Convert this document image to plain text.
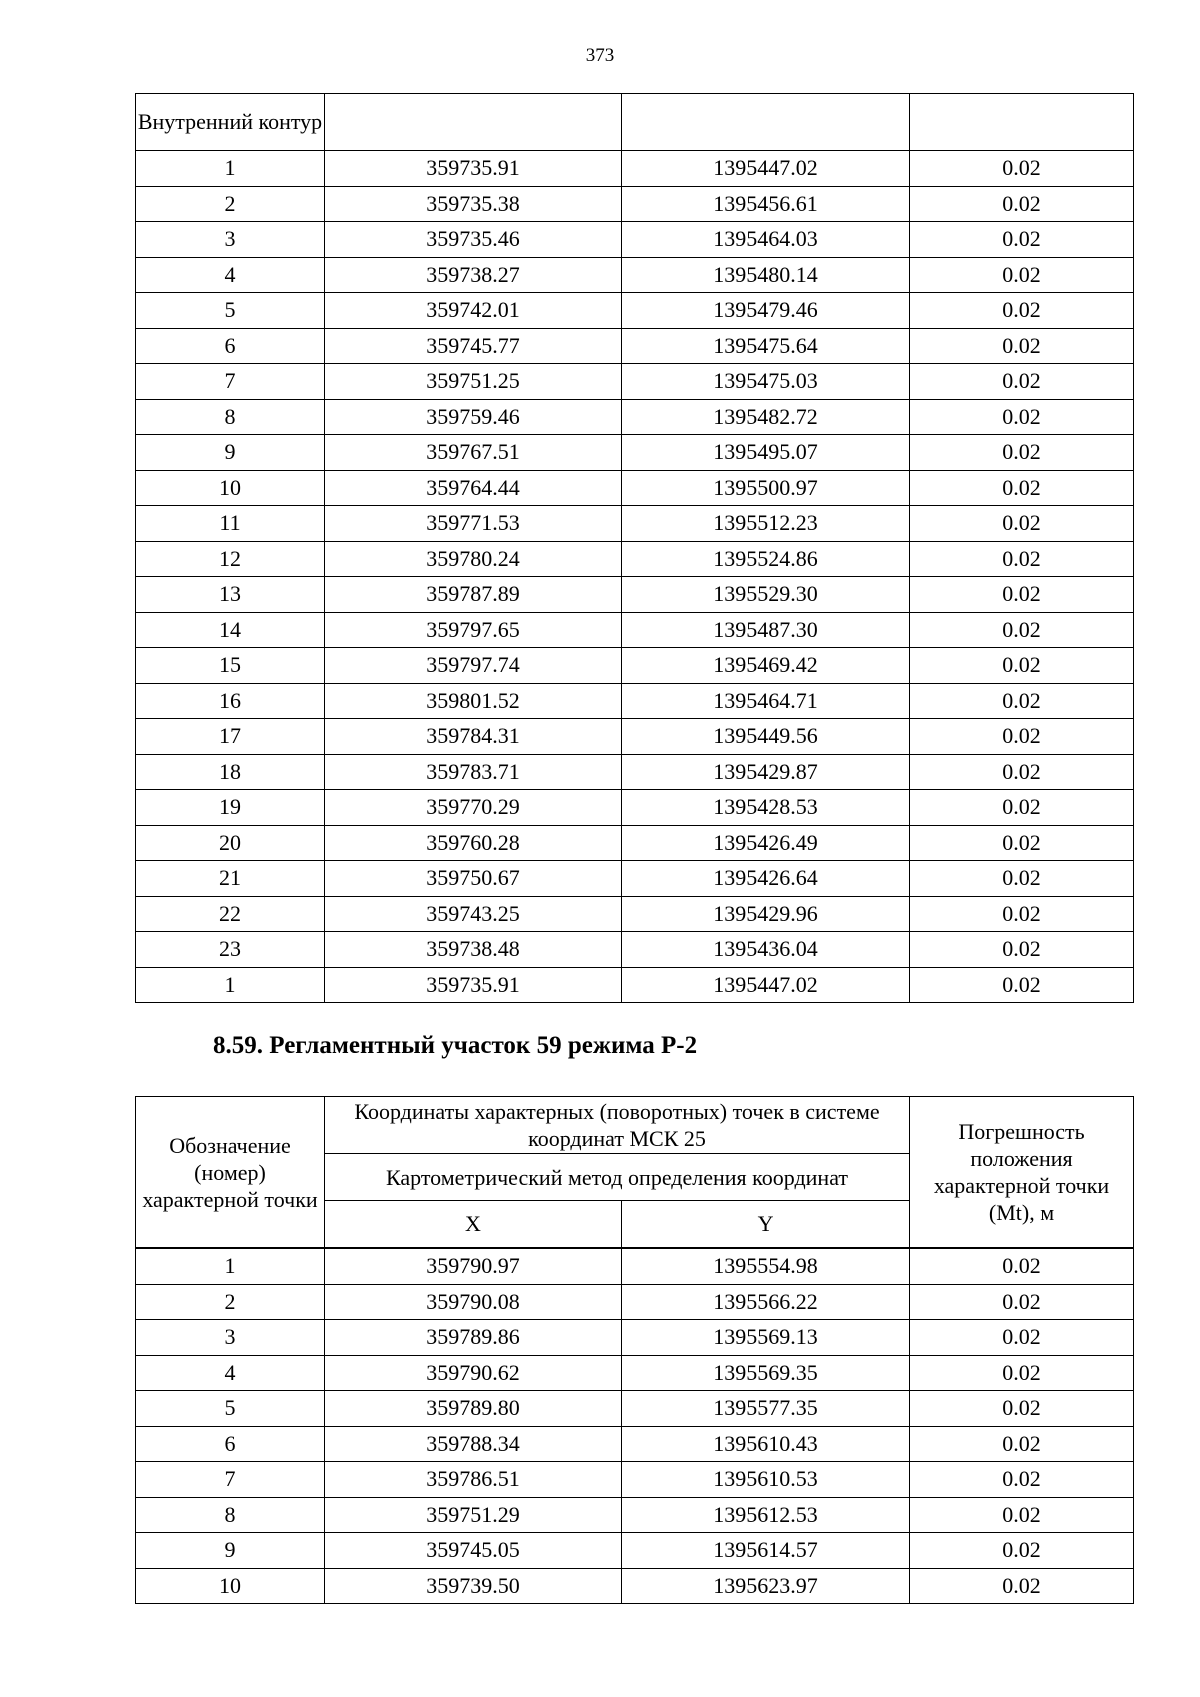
373
Внутренний контур			
1	359735.91	1395447.02	0.02
2	359735.38	1395456.61	0.02
3	359735.46	1395464.03	0.02
4	359738.27	1395480.14	0.02
5	359742.01	1395479.46	0.02
6	359745.77	1395475.64	0.02
7	359751.25	1395475.03	0.02
8	359759.46	1395482.72	0.02
9	359767.51	1395495.07	0.02
10	359764.44	1395500.97	0.02
11	359771.53	1395512.23	0.02
12	359780.24	1395524.86	0.02
13	359787.89	1395529.30	0.02
14	359797.65	1395487.30	0.02
15	359797.74	1395469.42	0.02
16	359801.52	1395464.71	0.02
17	359784.31	1395449.56	0.02
18	359783.71	1395429.87	0.02
19	359770.29	1395428.53	0.02
20	359760.28	1395426.49	0.02
21	359750.67	1395426.64	0.02
22	359743.25	1395429.96	0.02
23	359738.48	1395436.04	0.02
1	359735.91	1395447.02	0.02
8.59. Регламентный участок 59 режима Р-2
Обозначение (номер) характерной точки	Координаты характерных (поворотных) точек в системе координат МСК 25		Погрешность положения характерной точки (Mt), м
	Картометрический метод определения координат		
	X	Y	
1	359790.97	1395554.98	0.02
2	359790.08	1395566.22	0.02
3	359789.86	1395569.13	0.02
4	359790.62	1395569.35	0.02
5	359789.80	1395577.35	0.02
6	359788.34	1395610.43	0.02
7	359786.51	1395610.53	0.02
8	359751.29	1395612.53	0.02
9	359745.05	1395614.57	0.02
10	359739.50	1395623.97	0.02
